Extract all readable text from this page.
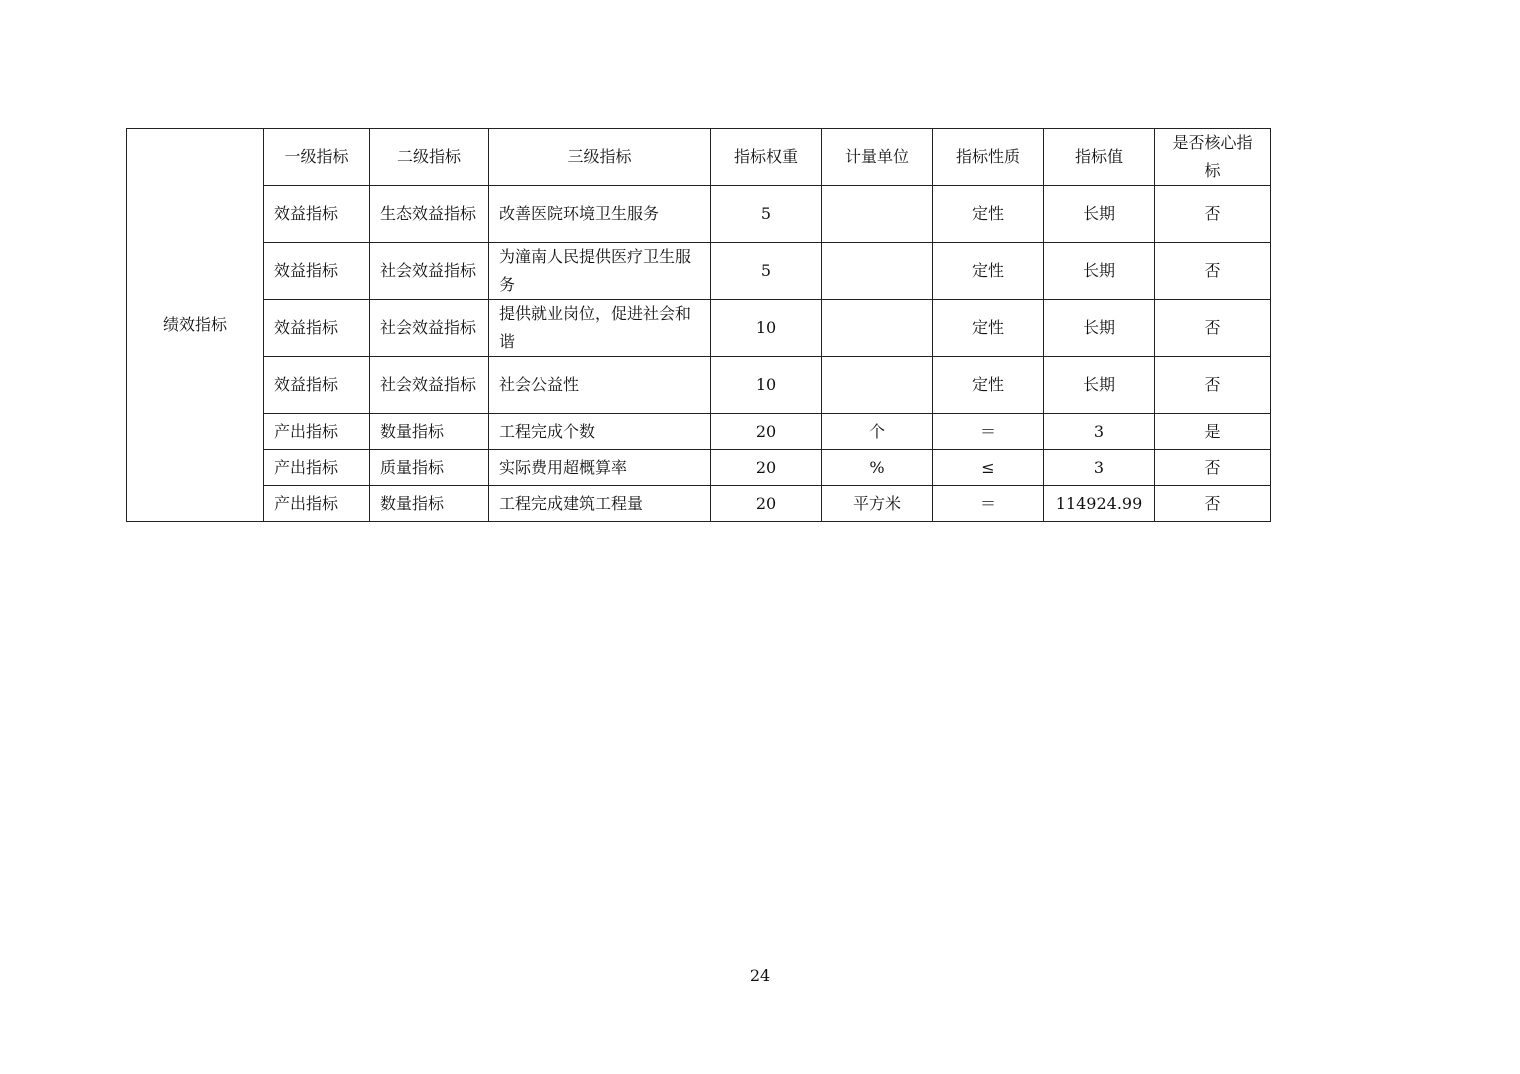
绩效指标	一级指标	二级指标	三级指标	指标权重	计量单位	指标性质	指标值	是否核心指标
	效益指标	生态效益指标	改善医院环境卫生服务	5		定性	长期	否
	效益指标	社会效益指标	为潼南人民提供医疗卫生服务	5		定性	长期	否
	效益指标	社会效益指标	提供就业岗位，促进社会和谐	10		定性	长期	否
	效益指标	社会效益指标	社会公益性	10		定性	长期	否
	产出指标	数量指标	工程完成个数	20	个	＝	3	是
	产出指标	质量指标	实际费用超概算率	20	%	≤	3	否
	产出指标	数量指标	工程完成建筑工程量	20	平方米	＝	114924.99	否
24
